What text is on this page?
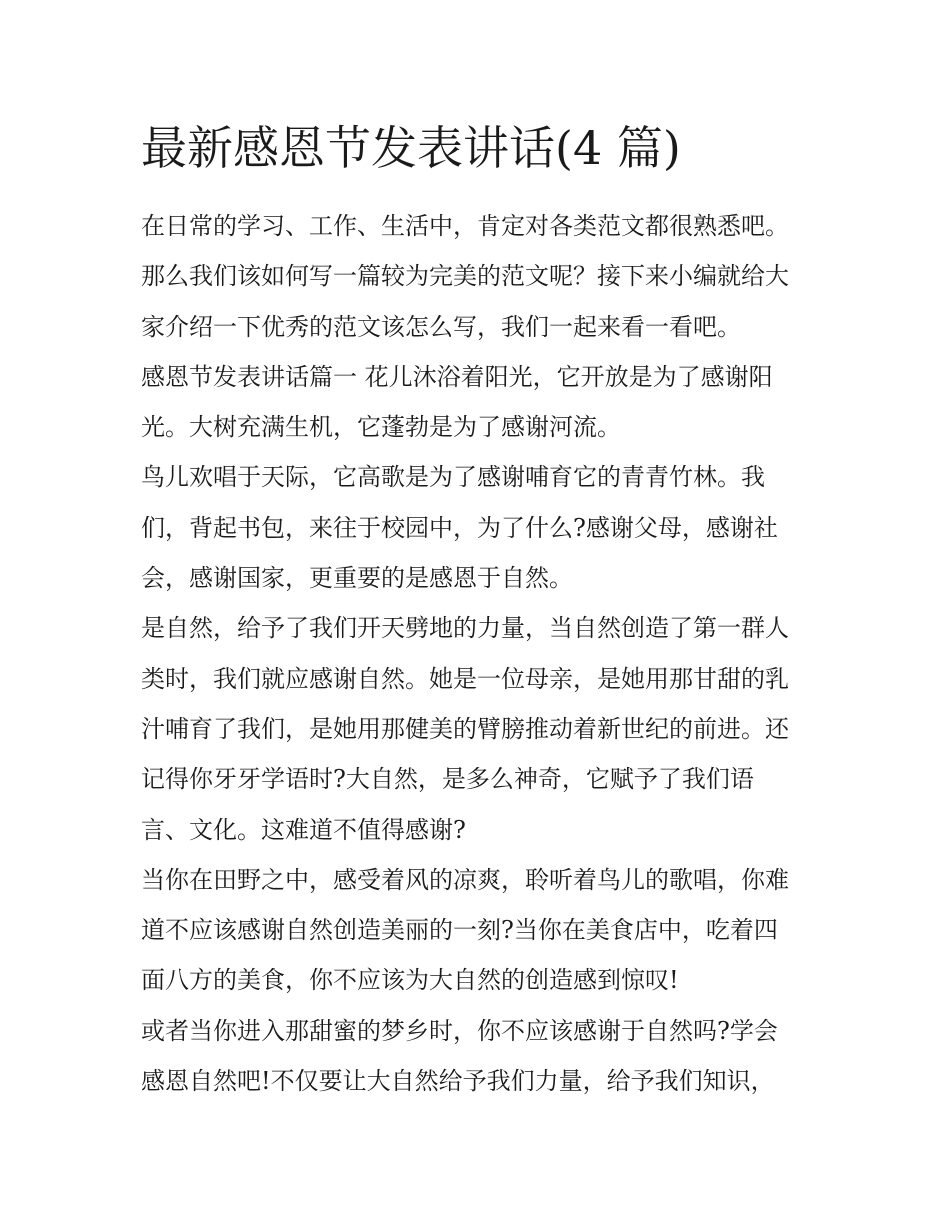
最新感恩节发表讲话(4 篇)
在日常的学习、工作、生活中，肯定对各类范文都很熟悉吧。
那么我们该如何写一篇较为完美的范文呢？接下来小编就给大
家介绍一下优秀的范文该怎么写，我们一起来看一看吧。
感恩节发表讲话篇一 花儿沐浴着阳光，它开放是为了感谢阳
光。大树充满生机，它蓬勃是为了感谢河流。
鸟儿欢唱于天际，它高歌是为了感谢哺育它的青青竹林。我
们，背起书包，来往于校园中，为了什么?感谢父母，感谢社
会，感谢国家，更重要的是感恩于自然。
是自然，给予了我们开天劈地的力量，当自然创造了第一群人
类时，我们就应感谢自然。她是一位母亲，是她用那甘甜的乳
汁哺育了我们，是她用那健美的臂膀推动着新世纪的前进。还
记得你牙牙学语时?大自然，是多么神奇，它赋予了我们语
言、文化。这难道不值得感谢?
当你在田野之中，感受着风的凉爽，聆听着鸟儿的歌唱，你难
道不应该感谢自然创造美丽的一刻?当你在美食店中，吃着四
面八方的美食，你不应该为大自然的创造感到惊叹!
或者当你进入那甜蜜的梦乡时，你不应该感谢于自然吗?学会
感恩自然吧!不仅要让大自然给予我们力量，给予我们知识，
